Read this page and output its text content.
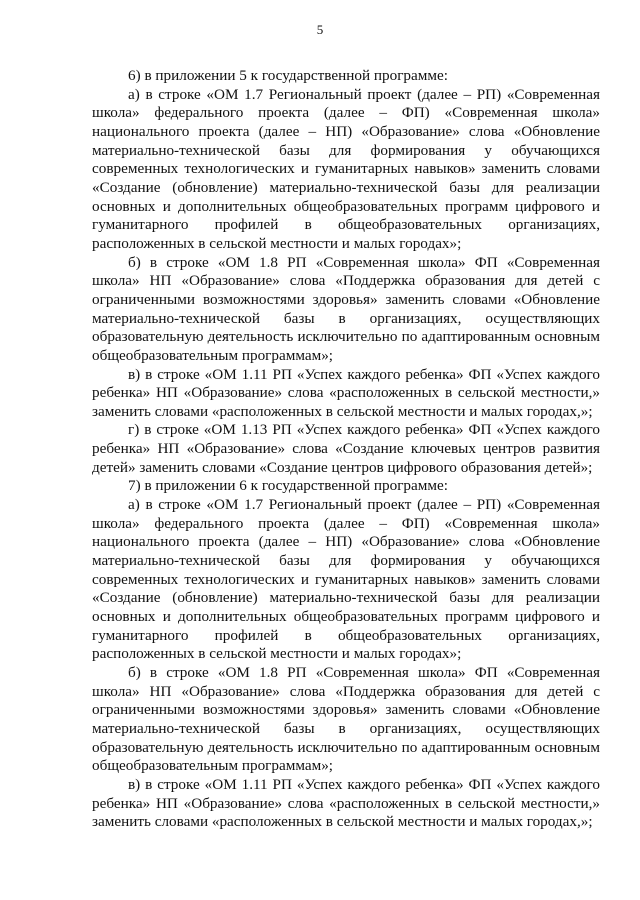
5

6) в приложении 5 к государственной программе:

а) в строке «ОМ 1.7 Региональный проект (далее – РП) «Современная школа» федерального проекта (далее – ФП) «Современная школа» национального проекта (далее – НП) «Образование» слова «Обновление материально-технической базы для формирования у обучающихся современных технологических и гуманитарных навыков» заменить словами «Создание (обновление) материально-технической базы для реализации основных и дополнительных общеобразовательных программ цифрового и гуманитарного профилей в общеобразовательных организациях, расположенных в сельской местности и малых городах»;

б) в строке «ОМ 1.8 РП «Современная школа» ФП «Современная школа» НП «Образование» слова «Поддержка образования для детей с ограниченными возможностями здоровья» заменить словами «Обновление материально-технической базы в организациях, осуществляющих образовательную деятельность исключительно по адаптированным основным общеобразовательным программам»;

в) в строке «ОМ 1.11 РП «Успех каждого ребенка» ФП «Успех каждого ребенка» НП «Образование» слова «расположенных в сельской местности,» заменить словами «расположенных в сельской местности и малых городах,»;

г) в строке «ОМ 1.13 РП «Успех каждого ребенка» ФП «Успех каждого ребенка» НП «Образование» слова «Создание ключевых центров развития детей» заменить словами «Создание центров цифрового образования детей»;

7) в приложении 6 к государственной программе:

а) в строке «ОМ 1.7 Региональный проект (далее – РП) «Современная школа» федерального проекта (далее – ФП) «Современная школа» национального проекта (далее – НП) «Образование» слова «Обновление материально-технической базы для формирования у обучающихся современных технологических и гуманитарных навыков» заменить словами «Создание (обновление) материально-технической базы для реализации основных и дополнительных общеобразовательных программ цифрового и гуманитарного профилей в общеобразовательных организациях, расположенных в сельской местности и малых городах»;

б) в строке «ОМ 1.8 РП «Современная школа» ФП «Современная школа» НП «Образование» слова «Поддержка образования для детей с ограниченными возможностями здоровья» заменить словами «Обновление материально-технической базы в организациях, осуществляющих образовательную деятельность исключительно по адаптированным основным общеобразовательным программам»;

в) в строке «ОМ 1.11 РП «Успех каждого ребенка» ФП «Успех каждого ребенка» НП «Образование» слова «расположенных в сельской местности,» заменить словами «расположенных в сельской местности и малых городах,»;
